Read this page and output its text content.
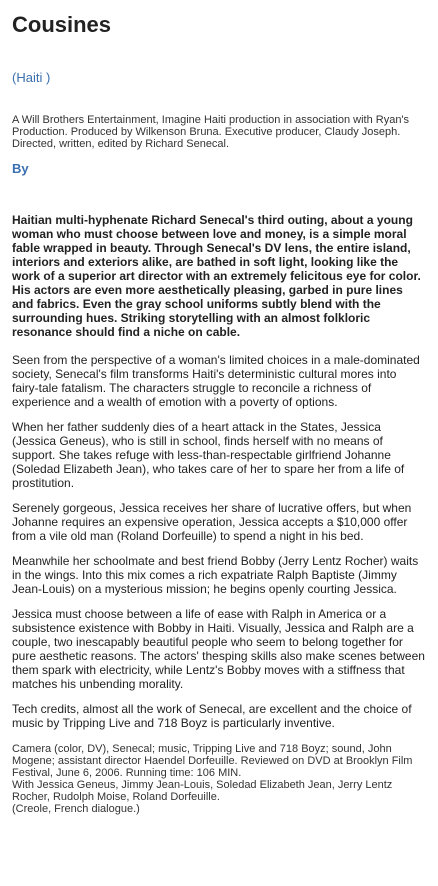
Cousines
(Haiti )
A Will Brothers Entertainment, Imagine Haiti production in association with Ryan's Production. Produced by Wilkenson Bruna. Executive producer, Claudy Joseph. Directed, written, edited by Richard Senecal.
By
Haitian multi-hyphenate Richard Senecal's third outing, about a young woman who must choose between love and money, is a simple moral fable wrapped in beauty. Through Senecal's DV lens, the entire island, interiors and exteriors alike, are bathed in soft light, looking like the work of a superior art director with an extremely felicitous eye for color. His actors are even more aesthetically pleasing, garbed in pure lines and fabrics. Even the gray school uniforms subtly blend with the surrounding hues. Striking storytelling with an almost folkloric resonance should find a niche on cable.

Seen from the perspective of a woman's limited choices in a male-dominated society, Senecal's film transforms Haiti's deterministic cultural mores into fairy-tale fatalism. The characters struggle to reconcile a richness of experience and a wealth of emotion with a poverty of options.

When her father suddenly dies of a heart attack in the States, Jessica (Jessica Geneus), who is still in school, finds herself with no means of support. She takes refuge with less-than-respectable girlfriend Johanne (Soledad Elizabeth Jean), who takes care of her to spare her from a life of prostitution.

Serenely gorgeous, Jessica receives her share of lucrative offers, but when Johanne requires an expensive operation, Jessica accepts a $10,000 offer from a vile old man (Roland Dorfeuille) to spend a night in his bed.

Meanwhile her schoolmate and best friend Bobby (Jerry Lentz Rocher) waits in the wings. Into this mix comes a rich expatriate Ralph Baptiste (Jimmy Jean-Louis) on a mysterious mission; he begins openly courting Jessica.

Jessica must choose between a life of ease with Ralph in America or a subsistence existence with Bobby in Haiti. Visually, Jessica and Ralph are a couple, two inescapably beautiful people who seem to belong together for pure aesthetic reasons. The actors' thesping skills also make scenes between them spark with electricity, while Lentz's Bobby moves with a stiffness that matches his unbending morality.

Tech credits, almost all the work of Senecal, are excellent and the choice of music by Tripping Live and 718 Boyz is particularly inventive.

Camera (color, DV), Senecal; music, Tripping Live and 718 Boyz; sound, John Mogene; assistant director Haendel Dorfeuille. Reviewed on DVD at Brooklyn Film Festival, June 6, 2006. Running time: 106 MIN.
With Jessica Geneus, Jimmy Jean-Louis, Soledad Elizabeth Jean, Jerry Lentz Rocher, Rudolph Moise, Roland Dorfeuille.
(Creole, French dialogue.)
